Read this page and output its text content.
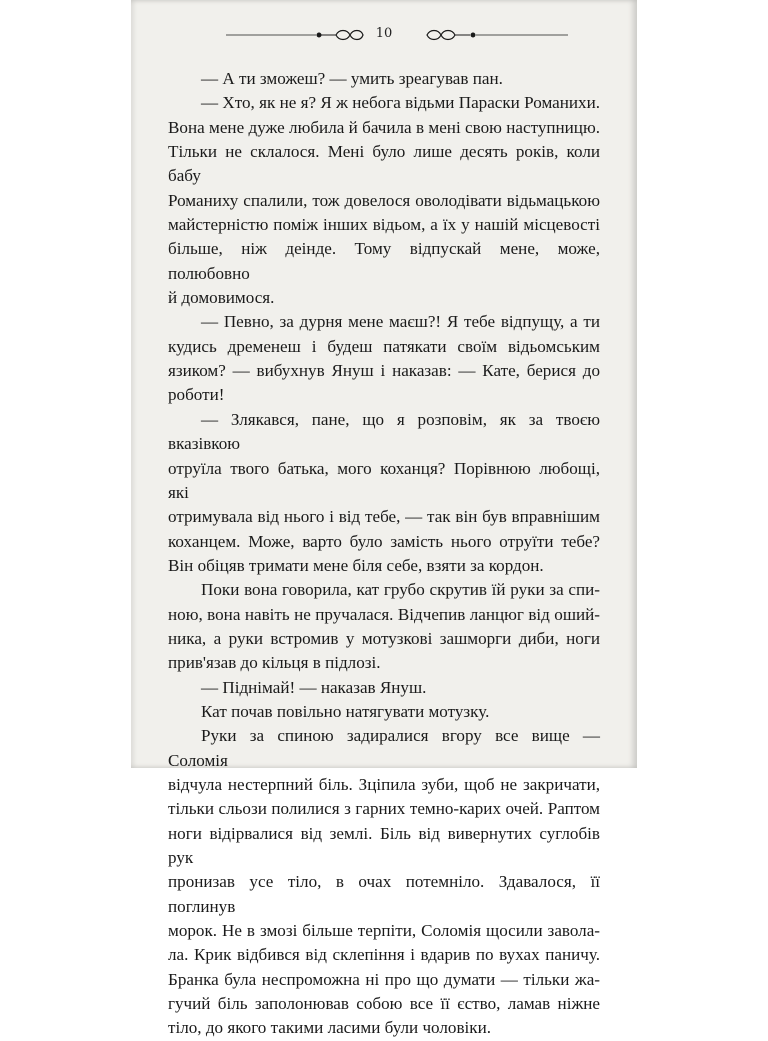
10

— А ти зможеш? — умить зреагував пан.

— Хто, як не я? Я ж небога відьми Параски Романихи.
Вона мене дуже любила й бачила в мені свою наступницю.
Тільки не склалося. Мені було лише десять років, коли бабу
Романиху спалили, тож довелося оволодівати відьмацькою
майстерністю поміж інших відьом, а їх у нашій місцевості
більше, ніж деінде. Тому відпускай мене, може, полюбовно
й домовимося.

— Певно, за дурня мене маєш?! Я тебе відпущу, а ти
кудись дременеш і будеш патякати своїм відьомським
язиком? — вибухнув Януш і наказав: — Кате, берися до
роботи!

— Злякався, пане, що я розповім, як за твоєю вказівкою
отруїла твого батька, мого коханця? Порівнюю любощі, які
отримувала від нього і від тебе, — так він був вправнішим
коханцем. Може, варто було замість нього отруїти тебе?
Він обіцяв тримати мене біля себе, взяти за кордон.

Поки вона говорила, кат грубо скрутив їй руки за спи-
ною, вона навіть не пручалася. Відчепив ланцюг від оший-
ника, а руки встромив у мотузкові зашморги диби, ноги
прив'язав до кільця в підлозі.

— Піднімай! — наказав Януш.

Кат почав повільно натягувати мотузку.

Руки за спиною задиралися вгору все вище — Соломія
відчула нестерпний біль. Зціпила зуби, щоб не закричати,
тільки сльози полилися з гарних темно-карих очей. Раптом
ноги відірвалися від землі. Біль від вивернутих суглобів рук
пронизав усе тіло, в очах потемніло. Здавалося, її поглинув
морок. Не в змозі більше терпіти, Соломія щосили завола-
ла. Крик відбився від склепіння і вдарив по вухах паничу.
Бранка була неспроможна ні про що думати — тільки жа-
гучий біль заполонював собою все її єство, ламав ніжне
тіло, до якого такими ласими були чоловіки.
